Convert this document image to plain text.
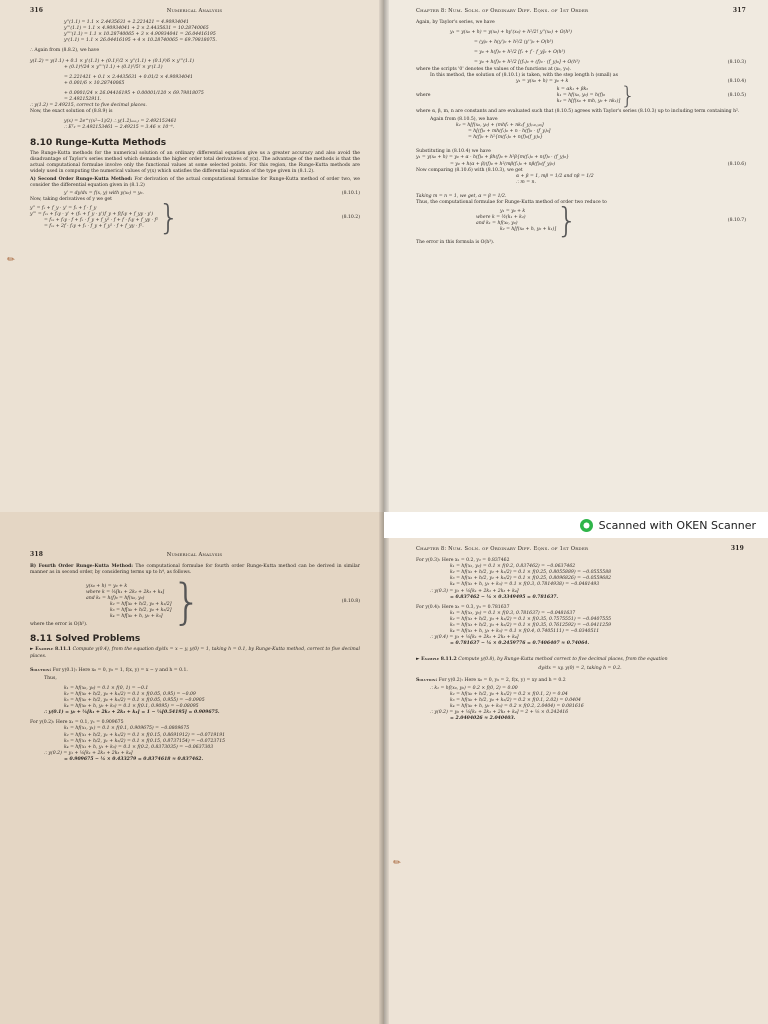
316	Numerical Analysis
y''(1.1) = 1.1 × 2.4435631 + 2.221421 = 4.90934041
y'''(1.1) = 1.1 × 4.90934041 + 2 × 2.4435631 = 10.28740065
y''''(1.1) = 1.1 × 10.28740065 + 3 × 4.90934041 = 26.04416195
yᵛ(1.1) = 1.1 × 26.04416195 + 4 × 10.28740065 = 69.79818075.
∴ Again from (8.8.2), we have
y(1.2) = y(1.1) + 0.1 × y'(1.1) + (0.1)²/2 × y''(1.1) + (0.1)³/6 × y'''(1.1)
+ (0.1)⁴/24 × y''''(1.1) + (0.1)⁵/5! × yᵛ(1.1)
= 2.221421 + 0.1 × 2.4435631 + 0.01/2 × 4.90934041
+ 0.001/6 × 10.28740065
+ 0.0001/24 × 26.04416195 + 0.00001/120 × 69.79818075
= 2.492152911.
∴ y(1.2) = 2.49215, correct to five decimal places.
Now, the exact solution of (8.8.9) is
y(x) = 2e^((x²−1)/2) ∴ y(1.2)ₑₓₐ꜀ₜ = 2.492153461
∴ Eᵀ₂ = 2.492153461 − 2.49215 = 3.46 × 10⁻⁶.
8.10 Runge-Kutta Methods
The Runge-Kutta methods for the numerical solution of an ordinary differential equation give us a greater accuracy and also avoid the disadvantage of Taylor's series method which demands the higher order total derivatives of y(x). The advantage of the methods is that the actual computational formulae involve only the functional values at some selected points. For this region, the Runge-Kutta methods are widely used in computing the numerical values of y(x) which satisfies the differential equation of the type given in (8.1.2).
A) Second Order Runge-Kutta Method: For derivation of the actual computational formulae for Runge-Kutta method of order two, we consider the differential equation given in (8.1.2)
y' = dy/dx = f(x, y) with y(x₀) = y₀.	(8.10.1)
Now, taking derivatives of y we get
y'' = fₓ + f_y · y' = fₓ + f · f_y
y''' = fₓₓ + fₓy · y' + (fₓ + f_y · y')f_y + f(fₓy + f_yy · y')
= fₓₓ + fₓy · f + fₓ · f_y + f_y² · f + f · fₓy + f_yy · f²
= fₓₓ + 2f · fₓy + fₓ · f_y + f_y² · f + f_yy · f². }	(8.10.2)
✎
Chapter 8: Num. Soln. of Ordinary Diff. Eqns. of 1st Order	317
Again, by Taylor's series, we have
y₁ = y(x₀ + h) = y(x₀) + hy'(x₀) + h²/2! y''(x₀) + O(h³)
= (y)₀ + h(y')₀ + h²/2 (y'')₀ + O(h³)
= y₀ + h(f)₀ + h²/2 [fₓ + f · f_y]₀ + O(h³)
= y₀ + h(f)₀ + h²/2 [(fₓ)₀ + (f)₀ · (f_y)₀] + O(h³)	(8.10.3)
where the scripts '0' denotes the values of the functions at (x₀, y₀).
In this method, the solution of (8.10.1) is taken, with the step length h (small) as
y₁ = y(x₀ + h) = y₀ + k	(8.10.4)
where
k = αk₁ + βk₂
k₁ = hf(x₀, y₀) = h(f)₀
k₂ = h[f(x₀ + mh, y₀ + nk₁)] }	(8.10.5)
where α, β, m, n are constants and are evaluated such that (8.10.5) agrees with Taylor's series (8.10.3) up to including term containing h².
Again from (8.10.5), we have
k₂ = h[f(x₀, y₀) + (mhfₓ + nk₁f_y)₍ₓ₀,ᵧ₀₎]
= h[(f)₀ + mh(fₓ)₀ + n · h(f)₀ · (f_y)₀]
= h(f)₀ + h²{m(fₓ)₀ + n(f)₀(f_y)₀}
Substituting in (8.10.4) we have
y₁ = y(x₀ + h) = y₀ + α · h(f)₀ + βh(f)₀ + h²β{m(fₓ)₀ + n(f)₀ · (f_y)₀}
= y₀ + h(α + β)(f)₀ + h²(mβ(fₓ)₀ + nβ(f)₀(f_y)₀)	(8.10.6)
Now comparing (8.10.6) with (8.10.3), we get
α + β = 1, mβ = 1/2 and nβ = 1/2
∴ m = n.
Taking m = n = 1, we get, α = β = 1/2.
Thus, the computational formulae for Runge-Kutta method of order two reduce to
y₁ = y₀ + k
where k = ½(k₁ + k₂)
and k₁ = hf(x₀, y₀)
k₂ = h[f(x₀ + h, y₀ + k₁)] }	(8.10.7)
The error in this formula is O(h³).
318	Numerical Analysis
B) Fourth Order Runge-Kutta Method: The computational formulae for fourth order Runge-Kutta method can be derived in similar manner as in second order, by considering terms up to h⁴, as follows.
y(x₀ + h) = y₀ + k
where k = ⅙[k₁ + 2k₂ + 2k₃ + k₄]
and k₁ = h(f)₀ = hf(x₀, y₀)
k₂ = hf[x₀ + h/2, y₀ + k₁/2]
k₃ = hf[x₀ + h/2, y₀ + k₂/2]
k₄ = hf[x₀ + h, y₀ + k₃] }	(8.10.8)
where the error is O(h⁵).
8.11 Solved Problems
► Example 8.11.1 Compute y(0.4), from the equation dy/dx = x − y, y(0) = 1, taking h = 0.1, by Runge-Kutta method, correct to five decimal places.
Solution: For y(0.1): Here x₀ = 0, y₀ = 1, f(x, y) = x − y and h = 0.1.
Thus,
k₁ = hf(x₀, y₀) = 0.1 × f(0, 1) = −0.1
k₂ = hf(x₀ + h/2, y₀ + k₁/2) = 0.1 × f(0.05, 0.95) = −0.09
k₃ = hf(x₀ + h/2, y₀ + k₂/2) = 0.1 × f(0.05, 0.955) = −0.0905
k₄ = hf(x₀ + h, y₀ + k₃) = 0.1 × f(0.1, 0.9095) = −0.08095
∴ y(0.1) = y₀ + ⅙[k₁ + 2k₂ + 2k₃ + k₄] = 1 − ⅙[0.54195] = 0.909675.
For y(0.2): Here x₁ = 0.1, y₁ = 0.909675
k₁ = hf(x₁, y₁) = 0.1 × f(0.1, 0.909675) = −0.0809675
k₂ = hf(x₁ + h/2, y₁ + k₁/2) = 0.1 × f(0.15, 0.8691912) = −0.0719191
k₃ = hf(x₁ + h/2, y₁ + k₂/2) = 0.1 × f(0.15, 0.8737154) = −0.0723715
k₄ = hf(x₁ + h, y₁ + k₃) = 0.1 × f(0.2, 0.8373035) = −0.0637303
∴ y(0.2) = y₁ + ⅙[k₁ + 2k₂ + 2k₃ + k₄]
= 0.909675 − ⅙ × 0.433279 = 0.8374618 ≈ 0.837462.
Chapter 8: Num. Soln. of Ordinary Diff. Eqns. of 1st Order	319
For y(0.3): Here x₂ = 0.2, y₂ = 0.837462
k₁ = hf(x₂, y₂) = 0.1 × f(0.2, 0.837462) = −0.0637462
k₂ = hf(x₂ + h/2, y₂ + k₁/2) = 0.1 × f(0.25, 0.8055889) = −0.0555588
k₃ = hf(x₂ + h/2, y₂ + k₂/2) = 0.1 × f(0.25, 0.8096826) = −0.0559682
k₄ = hf(x₂ + h, y₂ + k₃) = 0.1 × f(0.3, 0.7814938) = −0.0481493
∴ y(0.3) = y₂ + ⅙[k₁ + 2k₂ + 2k₃ + k₄]
= 0.837462 − ⅙ × 0.3349495 = 0.781637.
For y(0.4): Here x₃ = 0.3, y₃ = 0.781637
k₁ = hf(x₃, y₃) = 0.1 × f(0.3, 0.781637) = −0.0481637
k₂ = hf(x₃ + h/2, y₃ + k₁/2) = 0.1 × f(0.35, 0.7575551) = −0.0407555
k₃ = hf(x₃ + h/2, y₃ + k₂/2) = 0.1 × f(0.35, 0.7612592) = −0.0411259
k₄ = hf(x₃ + h, y₃ + k₃) = 0.1 × f(0.4, 0.7405111) = −0.0340511
∴ y(0.4) = y₃ + ⅙[k₁ + 2k₂ + 2k₃ + k₄]
= 0.781637 − ⅙ × 0.2459776 = 0.7406407 ≈ 0.74064.
► Example 8.11.2 Compute y(0.8), by Runge-Kutta method correct to five decimal places, from the equation
dy/dx = xy, y(0) = 2, taking h = 0.2.
Solution: For y(0.2): Here x₀ = 0, y₀ = 2, f(x, y) = xy and h = 0.2
∴ k₁ = hf(x₀, y₀) = 0.2 × f(0, 2) = 0.00
k₂ = hf(x₀ + h/2, y₀ + k₁/2) = 0.2 × f(0.1, 2) = 0.04
k₃ = hf(x₀ + h/2, y₀ + k₂/2) = 0.2 × f(0.1, 2.02) = 0.0404
k₄ = hf(x₀ + h, y₀ + k₃) = 0.2 × f(0.2, 2.0404) = 0.081616
∴ y(0.2) = y₀ + ⅙[k₁ + 2k₂ + 2k₃ + k₄] = 2 + ⅙ × 0.242416
= 2.0404026 ≈ 2.040403.
✎
Scanned with OKEN Scanner
